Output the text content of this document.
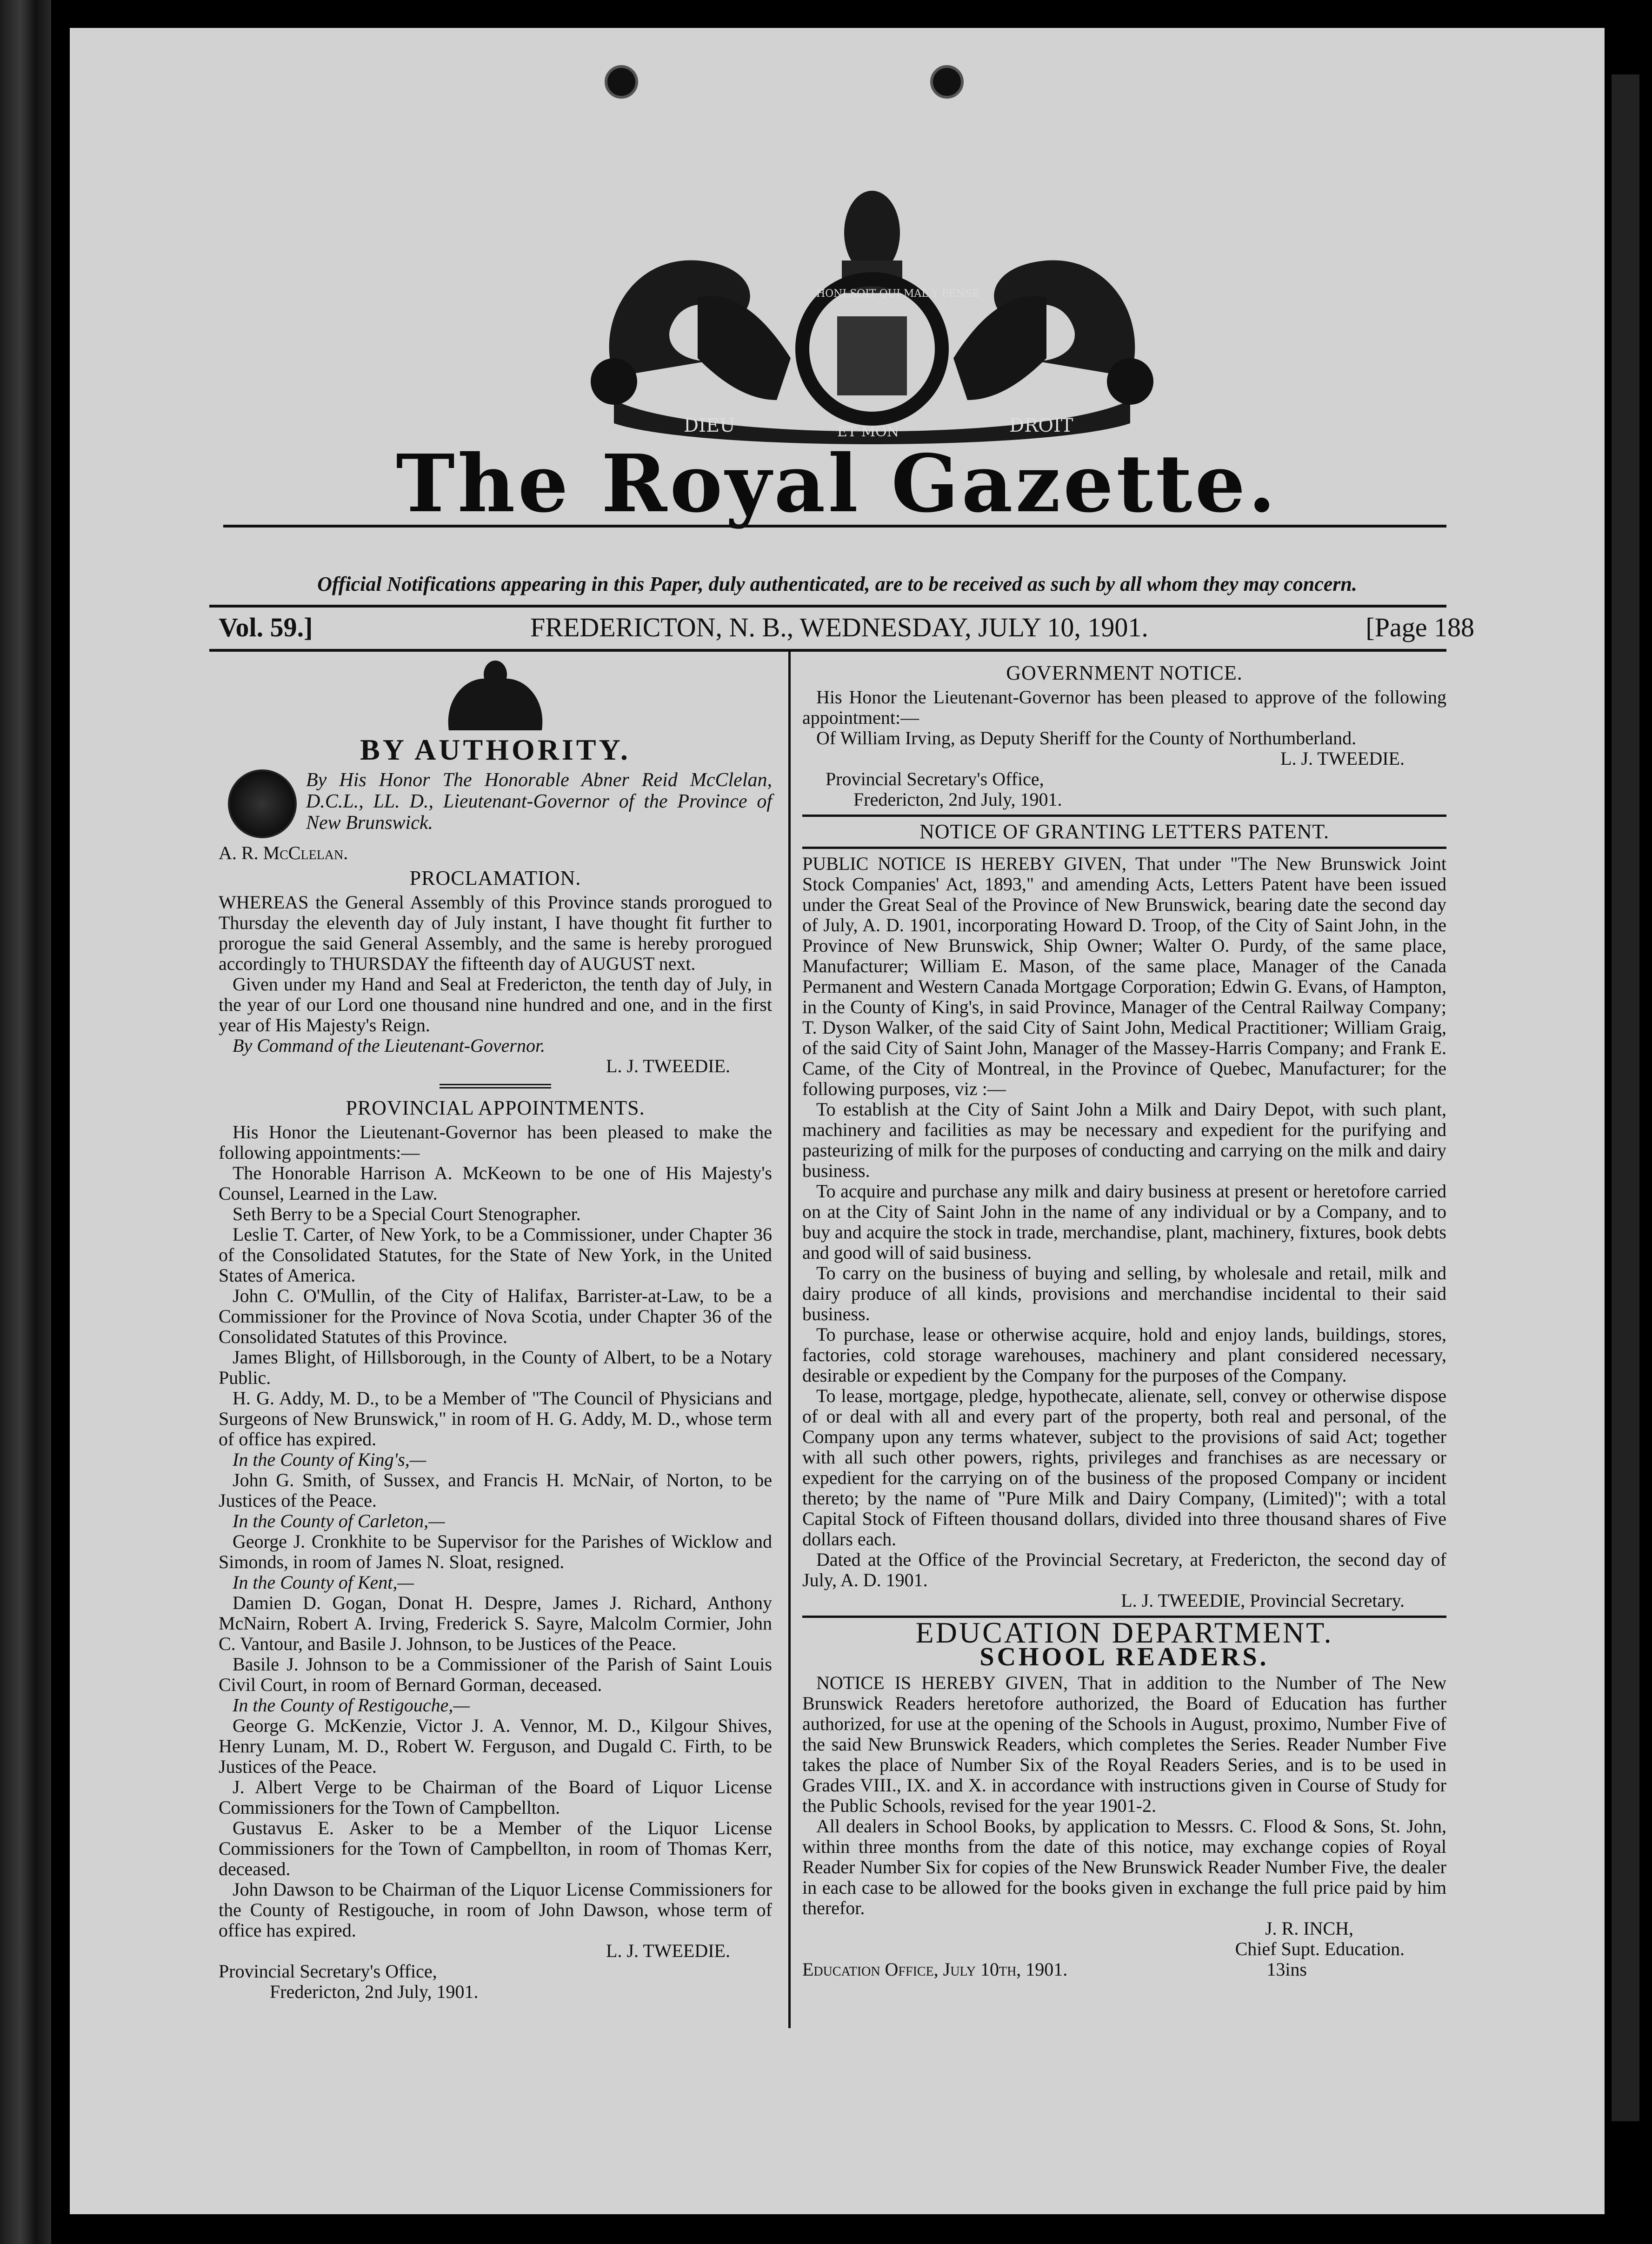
DIEU	ET MON	DROIT
HONI SOIT QUI MAL Y PENSE
The Royal Gazette.
Official Notifications appearing in this Paper, duly authenticated, are to be received as such by all whom they may concern.
Vol. 59.]	FREDERICTON, N. B., WEDNESDAY, JULY 10, 1901.	[Page 188
BY AUTHORITY.

By His Honor The Honorable Abner Reid McClelan, D.C.L., LL. D., Lieutenant-Governor of the Province of New Brunswick.

A. R. McClelan.

PROCLAMATION.

WHEREAS the General Assembly of this Province stands prorogued to Thursday the eleventh day of July instant, I have thought fit further to prorogue the said General Assembly, and the same is hereby prorogued accordingly to THURSDAY the fifteenth day of AUGUST next.

Given under my Hand and Seal at Fredericton, the tenth day of July, in the year of our Lord one thousand nine hundred and one, and in the first year of His Majesty's Reign.

By Command of the Lieutenant-Governor.

L. J. TWEEDIE.

PROVINCIAL APPOINTMENTS.

His Honor the Lieutenant-Governor has been pleased to make the following appointments:—

The Honorable Harrison A. McKeown to be one of His Majesty's Counsel, Learned in the Law.

Seth Berry to be a Special Court Stenographer.

Leslie T. Carter, of New York, to be a Commissioner, under Chapter 36 of the Consolidated Statutes, for the State of New York, in the United States of America.

John C. O'Mullin, of the City of Halifax, Barrister-at-Law, to be a Commissioner for the Province of Nova Scotia, under Chapter 36 of the Consolidated Statutes of this Province.

James Blight, of Hillsborough, in the County of Albert, to be a Notary Public.

H. G. Addy, M. D., to be a Member of "The Council of Physicians and Surgeons of New Brunswick," in room of H. G. Addy, M. D., whose term of office has expired.

In the County of King's,—

John G. Smith, of Sussex, and Francis H. McNair, of Norton, to be Justices of the Peace.

In the County of Carleton,—

George J. Cronkhite to be Supervisor for the Parishes of Wicklow and Simonds, in room of James N. Sloat, resigned.

In the County of Kent,—

Damien D. Gogan, Donat H. Despre, James J. Richard, Anthony McNairn, Robert A. Irving, Frederick S. Sayre, Malcolm Cormier, John C. Vantour, and Basile J. Johnson, to be Justices of the Peace.

Basile J. Johnson to be a Commissioner of the Parish of Saint Louis Civil Court, in room of Bernard Gorman, deceased.

In the County of Restigouche,—

George G. McKenzie, Victor J. A. Vennor, M. D., Kilgour Shives, Henry Lunam, M. D., Robert W. Ferguson, and Dugald C. Firth, to be Justices of the Peace.

J. Albert Verge to be Chairman of the Board of Liquor License Commissioners for the Town of Campbellton.

Gustavus E. Asker to be a Member of the Liquor License Commissioners for the Town of Campbellton, in room of Thomas Kerr, deceased.

John Dawson to be Chairman of the Liquor License Commissioners for the County of Restigouche, in room of John Dawson, whose term of office has expired.

L. J. TWEEDIE.

Provincial Secretary's Office,

Fredericton, 2nd July, 1901.

GOVERNMENT NOTICE.

His Honor the Lieutenant-Governor has been pleased to approve of the following appointment:—

Of William Irving, as Deputy Sheriff for the County of Northumberland.

L. J. TWEEDIE.

Provincial Secretary's Office,

Fredericton, 2nd July, 1901.

NOTICE OF GRANTING LETTERS PATENT.

PUBLIC NOTICE IS HEREBY GIVEN, That under "The New Brunswick Joint Stock Companies' Act, 1893," and amending Acts, Letters Patent have been issued under the Great Seal of the Province of New Brunswick, bearing date the second day of July, A. D. 1901, incorporating Howard D. Troop, of the City of Saint John, in the Province of New Brunswick, Ship Owner; Walter O. Purdy, of the same place, Manufacturer; William E. Mason, of the same place, Manager of the Canada Permanent and Western Canada Mortgage Corporation; Edwin G. Evans, of Hampton, in the County of King's, in said Province, Manager of the Central Railway Company; T. Dyson Walker, of the said City of Saint John, Medical Practitioner; William Graig, of the said City of Saint John, Manager of the Massey-Harris Company; and Frank E. Came, of the City of Montreal, in the Province of Quebec, Manufacturer; for the following purposes, viz :—

To establish at the City of Saint John a Milk and Dairy Depot, with such plant, machinery and facilities as may be necessary and expedient for the purifying and pasteurizing of milk for the purposes of conducting and carrying on the milk and dairy business.

To acquire and purchase any milk and dairy business at present or heretofore carried on at the City of Saint John in the name of any individual or by a Company, and to buy and acquire the stock in trade, merchandise, plant, machinery, fixtures, book debts and good will of said business.

To carry on the business of buying and selling, by wholesale and retail, milk and dairy produce of all kinds, provisions and merchandise incidental to their said business.

To purchase, lease or otherwise acquire, hold and enjoy lands, buildings, stores, factories, cold storage warehouses, machinery and plant considered necessary, desirable or expedient by the Company for the purposes of the Company.

To lease, mortgage, pledge, hypothecate, alienate, sell, convey or otherwise dispose of or deal with all and every part of the property, both real and personal, of the Company upon any terms whatever, subject to the provisions of said Act; together with all such other powers, rights, privileges and franchises as are necessary or expedient for the carrying on of the business of the proposed Company or incident thereto; by the name of "Pure Milk and Dairy Company, (Limited)"; with a total Capital Stock of Fifteen thousand dollars, divided into three thousand shares of Five dollars each.

Dated at the Office of the Provincial Secretary, at Fredericton, the second day of July, A. D. 1901.

L. J. TWEEDIE, Provincial Secretary.

EDUCATION DEPARTMENT.
SCHOOL READERS.

NOTICE IS HEREBY GIVEN, That in addition to the Number of The New Brunswick Readers heretofore authorized, the Board of Education has further authorized, for use at the opening of the Schools in August, proximo, Number Five of the said New Brunswick Readers, which completes the Series. Reader Number Five takes the place of Number Six of the Royal Readers Series, and is to be used in Grades VIII., IX. and X. in accordance with instructions given in Course of Study for the Public Schools, revised for the year 1901-2.

All dealers in School Books, by application to Messrs. C. Flood & Sons, St. John, within three months from the date of this notice, may exchange copies of Royal Reader Number Six for copies of the New Brunswick Reader Number Five, the dealer in each case to be allowed for the books given in exchange the full price paid by him therefor.

J. R. INCH,

Chief Supt. Education.

Education Office, July 10th, 1901.	13ins
